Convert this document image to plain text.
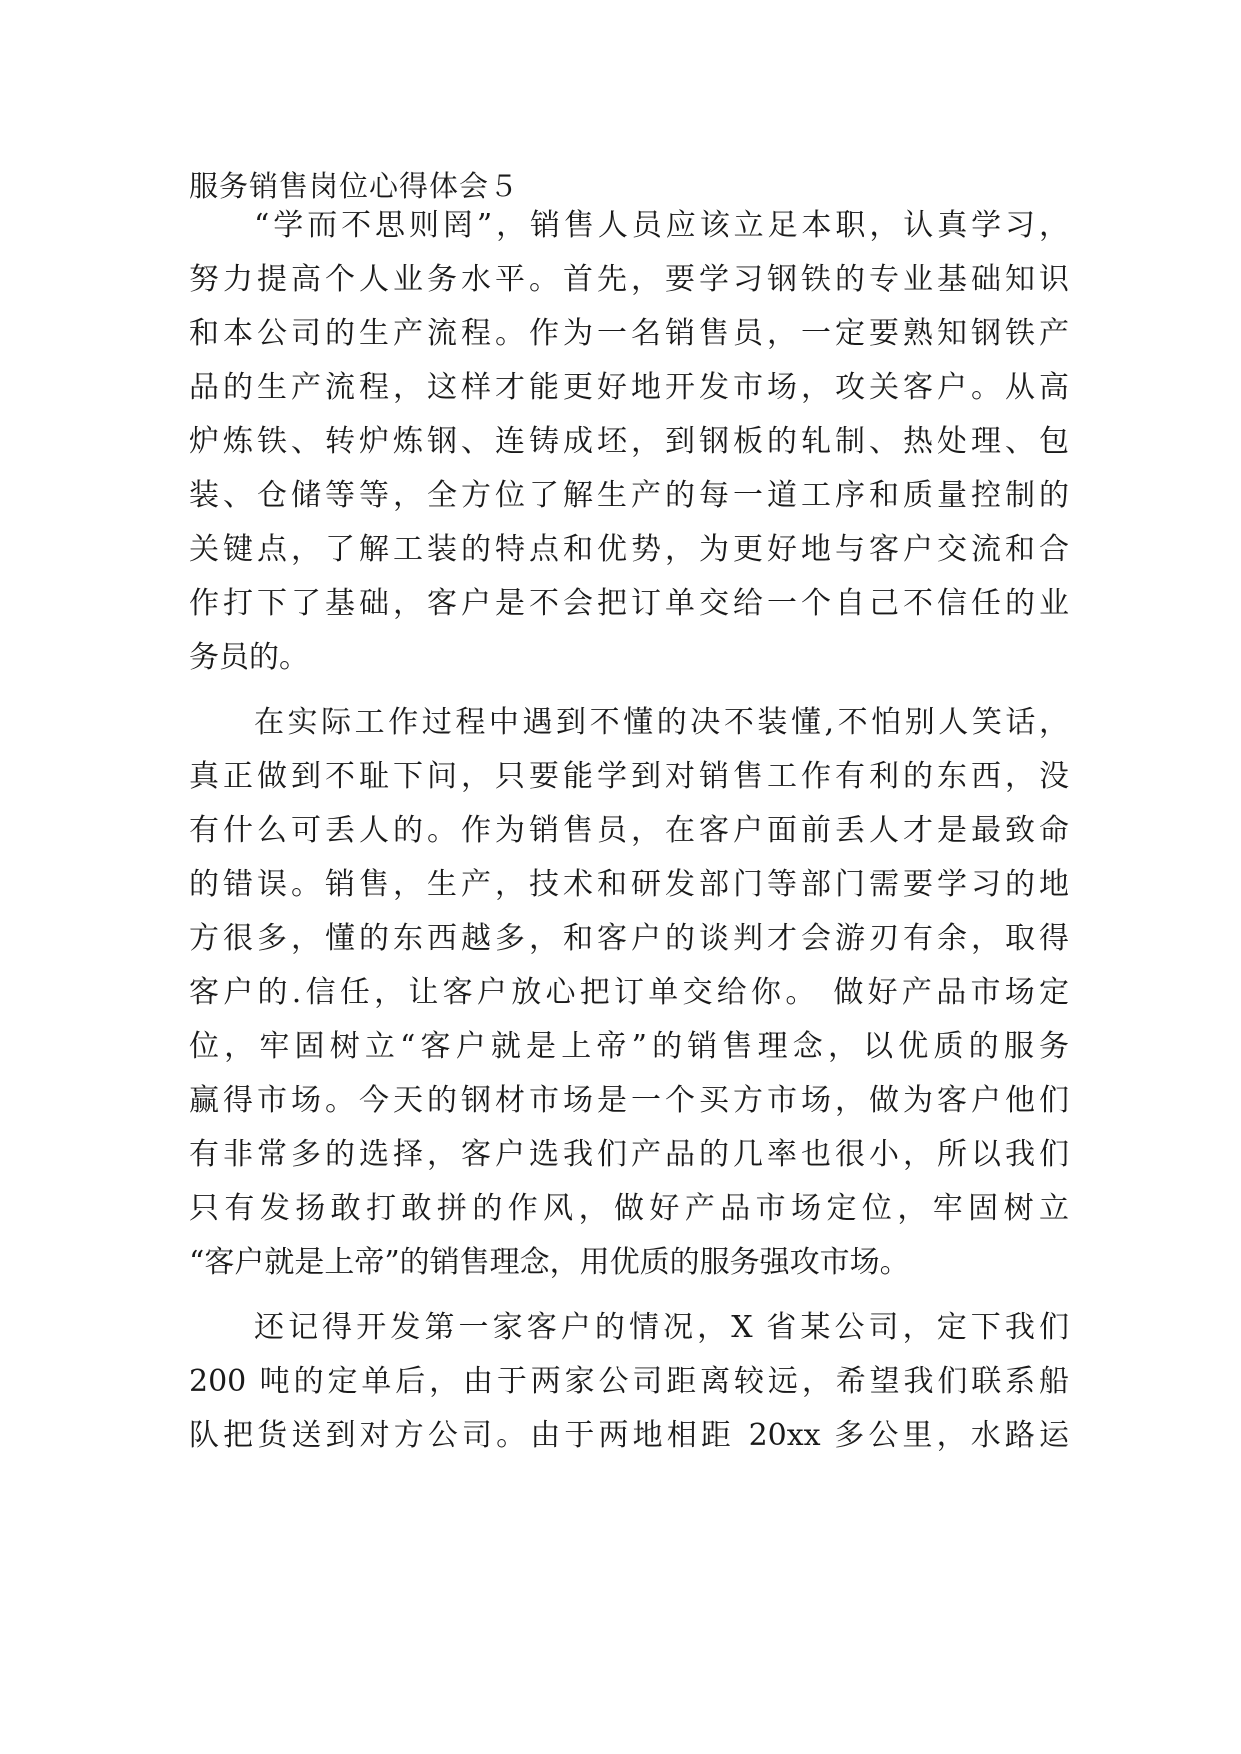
服务销售岗位心得体会５
“学而不思则罔”，销售人员应该立足本职，认真学习，
努力提高个人业务水平。首先，要学习钢铁的专业基础知识
和本公司的生产流程。作为一名销售员，一定要熟知钢铁产
品的生产流程，这样才能更好地开发市场，攻关客户。从高
炉炼铁、转炉炼钢、连铸成坯，到钢板的轧制、热处理、包
装、仓储等等，全方位了解生产的每一道工序和质量控制的
关键点，了解工装的特点和优势，为更好地与客户交流和合
作打下了基础，客户是不会把订单交给一个自己不信任的业
务员的。
在实际工作过程中遇到不懂的决不装懂,不怕别人笑话，
真正做到不耻下问，只要能学到对销售工作有利的东西，没
有什么可丢人的。作为销售员，在客户面前丢人才是最致命
的错误。销售，生产，技术和研发部门等部门需要学习的地
方很多，懂的东西越多，和客户的谈判才会游刃有余，取得
客户的.信任，让客户放心把订单交给你。 做好产品市场定
位，牢固树立“客户就是上帝”的销售理念，以优质的服务
赢得市场。今天的钢材市场是一个买方市场，做为客户他们
有非常多的选择，客户选我们产品的几率也很小，所以我们
只有发扬敢打敢拼的作风，做好产品市场定位，牢固树立
“客户就是上帝”的销售理念，用优质的服务强攻市场。
还记得开发第一家客户的情况，X 省某公司，定下我们
200 吨的定单后，由于两家公司距离较远，希望我们联系船
队把货送到对方公司。由于两地相距 20xx 多公里，水路运
